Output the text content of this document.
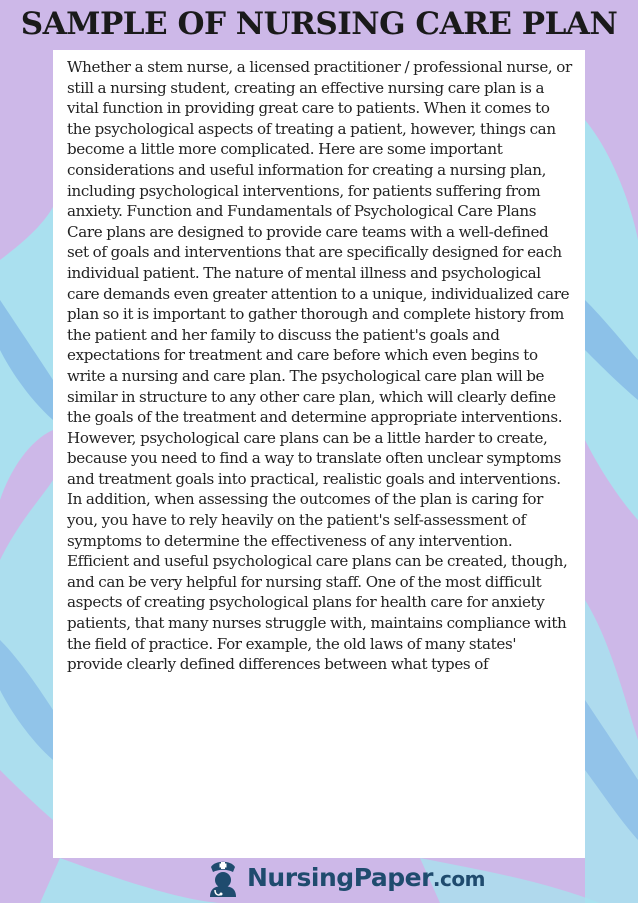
SAMPLE OF NURSING CARE PLAN

Whether a stem nurse, a licensed practitioner / professional nurse, or still a nursing student, creating an effective nursing care plan is a vital function in providing great care to patients. When it comes to the psychological aspects of treating a patient, however, things can become a little more complicated. Here are some important considerations and useful information for creating a nursing plan, including psychological interventions, for patients suffering from anxiety. Function and Fundamentals of Psychological Care Plans Care plans are designed to provide care teams with a well-defined set of goals and interventions that are specifically designed for each individual patient. The nature of mental illness and psychological care demands even greater attention to a unique, individualized care plan so it is important to gather thorough and complete history from the patient and her family to discuss the patient's goals and expectations for treatment and care before which even begins to write a nursing and care plan. The psychological care plan will be similar in structure to any other care plan, which will clearly define the goals of the treatment and determine appropriate interventions. However, psychological care plans can be a little harder to create, because you need to find a way to translate often unclear symptoms and treatment goals into practical, realistic goals and interventions. In addition, when assessing the outcomes of the plan is caring for you, you have to rely heavily on the patient's self-assessment of symptoms to determine the effectiveness of any intervention. Efficient and useful psychological care plans can be created, though, and can be very helpful for nursing staff. One of the most difficult aspects of creating psychological plans for health care for anxiety patients, that many nurses struggle with, maintains compliance with the field of practice. For example, the old laws of many states' provide clearly defined differences between what types of

NursingPaper.com
